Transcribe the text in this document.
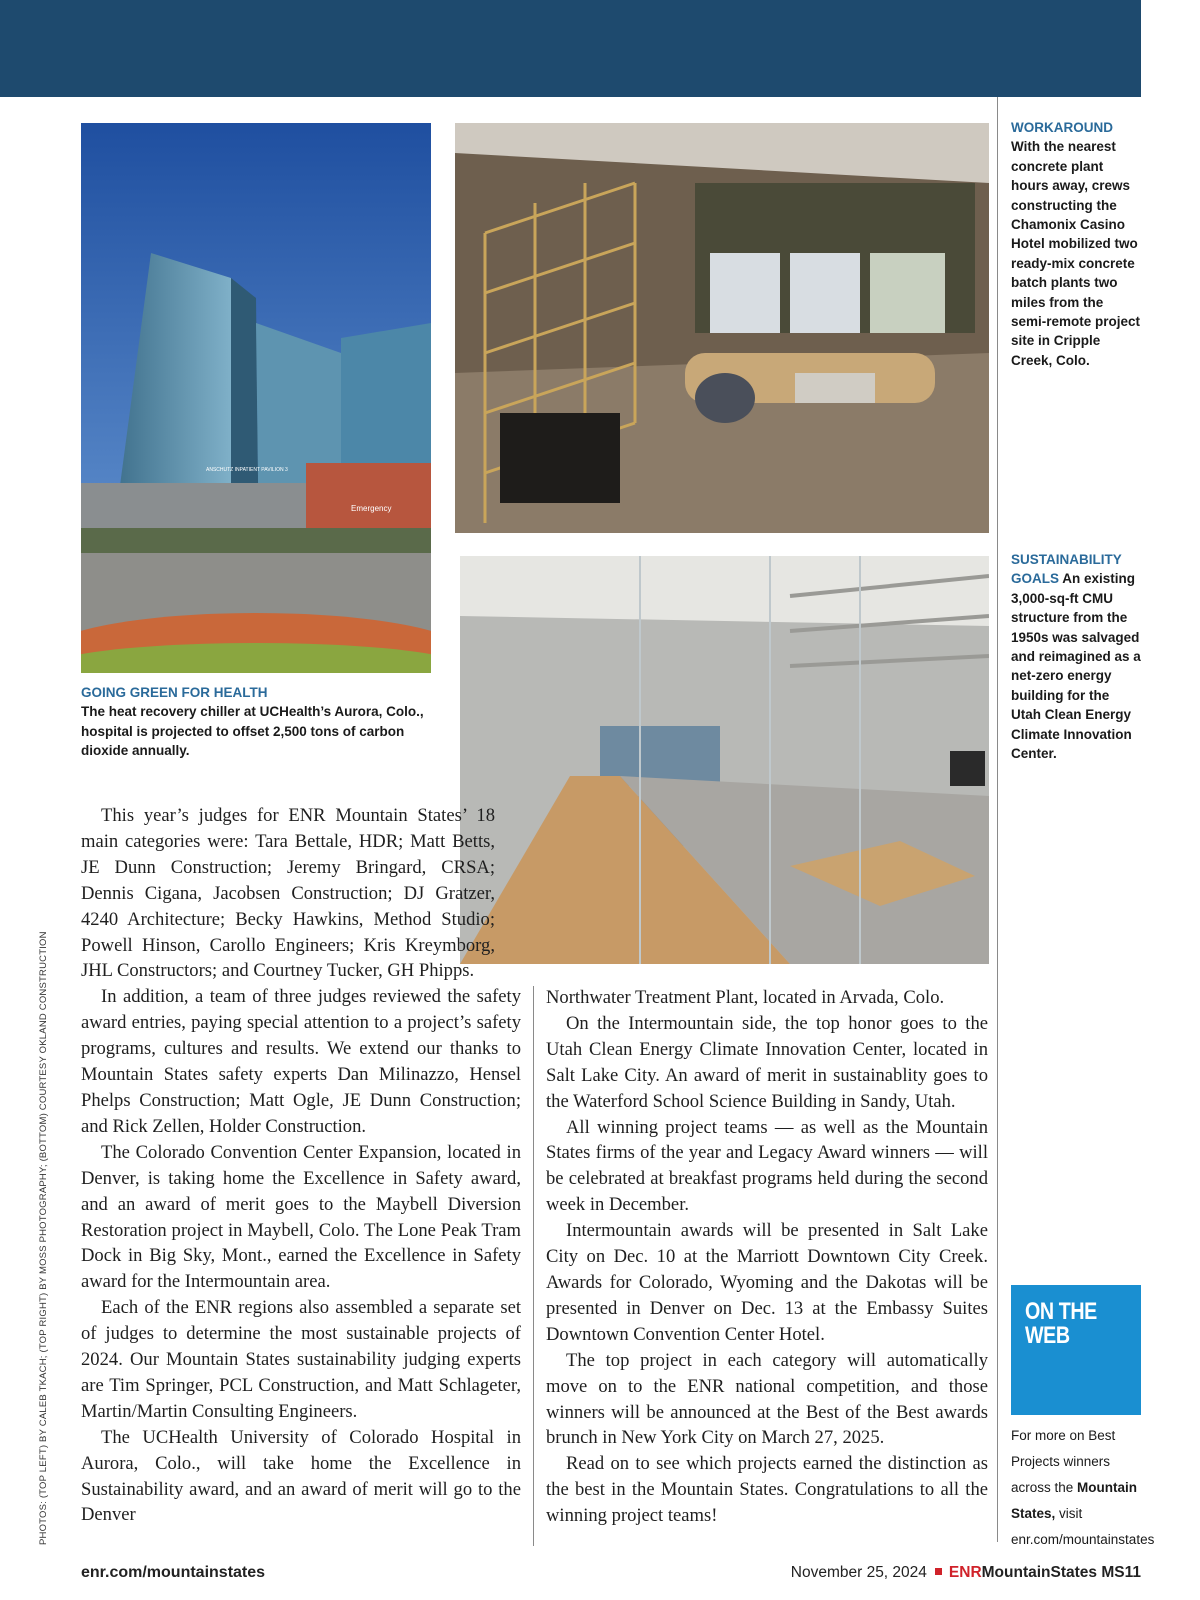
Emergency
ANSCHUTZ INPATIENT PAVILION 3
GOING GREEN FOR HEALTH
The heat recovery chiller at UCHealth’s Aurora, Colo., hospital is projected to offset 2,500 tons of carbon dioxide annually.
WORKAROUND
With the nearest concrete plant hours away, crews constructing the Chamonix Casino Hotel mobilized two ready-mix concrete batch plants two miles from the semi-remote project site in Cripple Creek, Colo.
SUSTAINABILITY GOALS An existing 3,000-sq-ft CMU structure from the 1950s was salvaged and reimagined as a net-zero energy building for the Utah Clean Energy Climate Innovation Center.

This year’s judges for ENR Mountain States’ 18 main categories were: Tara Bettale, HDR; Matt Betts, JE Dunn Construction; Jeremy Bringard, CRSA; Dennis Cigana, Jacobsen Construction; DJ Gratzer, 4240 Architecture; Becky Hawkins, Method Studio; Powell Hinson, Carollo Engineers; Kris Kreymborg, JHL Constructors; and Courtney Tucker, GH Phipps.

In addition, a team of three judges reviewed the safety award entries, paying special attention to a project’s safety programs, cultures and results. We extend our thanks to Mountain States safety experts Dan Milinazzo, Hensel Phelps Construction; Matt Ogle, JE Dunn Construction; and Rick Zellen, Holder Construction.

The Colorado Convention Center Expansion, located in Denver, is taking home the Excellence in Safety award, and an award of merit goes to the Maybell Diversion Restoration project in Maybell, Colo. The Lone Peak Tram Dock in Big Sky, Mont., earned the Excellence in Safety award for the Intermountain area.

Each of the ENR regions also assembled a separate set of judges to determine the most sustainable projects of 2024. Our Mountain States sustainability judging experts are Tim Springer, PCL Construction, and Matt Schlageter, Martin/Martin Consulting Engineers.

The UCHealth University of Colorado Hospital in Aurora, Colo., will take home the Excellence in Sustainability award, and an award of merit will go to the Denver

Northwater Treatment Plant, located in Arvada, Colo.

On the Intermountain side, the top honor goes to the Utah Clean Energy Climate Innovation Center, located in Salt Lake City. An award of merit in sustainablity goes to the Waterford School Science Building in Sandy, Utah.

All winning project teams — as well as the Mountain States firms of the year and Legacy Award winners — will be celebrated at breakfast programs held during the second week in December.

Intermountain awards will be presented in Salt Lake City on Dec. 10 at the Marriott Downtown City Creek. Awards for Colorado, Wyoming and the Dakotas will be presented in Denver on Dec. 13 at the Embassy Suites Downtown Convention Center Hotel.

The top project in each category will automatically move on to the ENR national competition, and those winners will be announced at the Best of the Best awards brunch in New York City on March 27, 2025.

Read on to see which projects earned the distinction as the best in the Mountain States. Congratulations to all the winning project teams!

ON THE
WEB
For more on Best Projects winners across the Mountain States, visit enr.com/mountainstates
PHOTOS: (TOP LEFT) BY CALEB TKACH; (TOP RIGHT) BY MOSS PHOTOGRAPHY; (BOTTOM) COURTESY OKLAND CONSTRUCTION
enr.com/mountainstates	November 25, 2024 ENRMountainStates MS11
